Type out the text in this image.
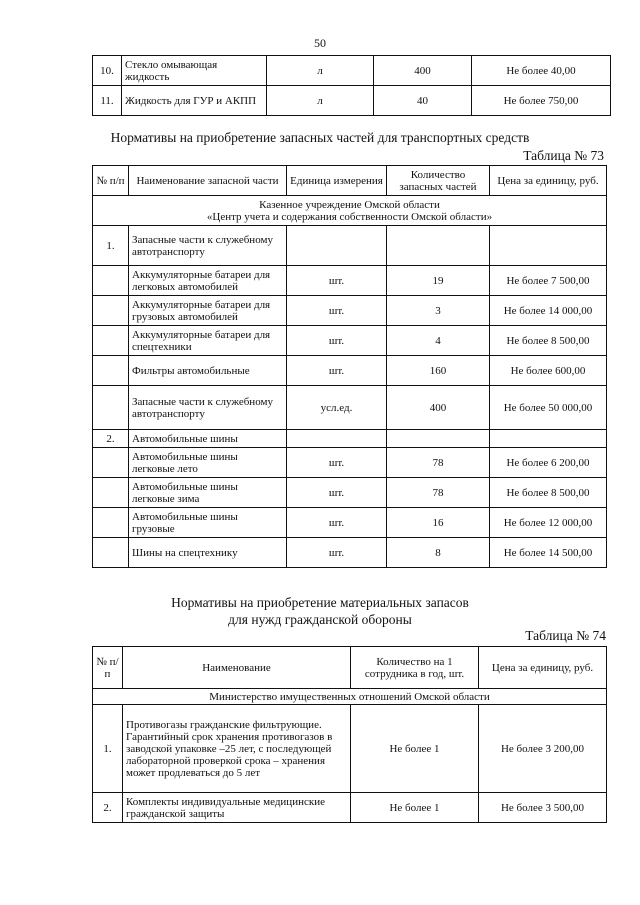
50
10.	Стекло омывающая жидкость	л	400	Не более 40,00
11.	Жидкость для ГУР и АКПП	л	40	Не более 750,00
Нормативы на приобретение запасных частей для транспортных средств
Таблица № 73
№ п/п	Наименование запасной части	Единица измерения	Количество запасных частей	Цена за единицу, руб.

Казенное учреждение Омской области
«Центр учета и содержания собственности Омской области»				

1.	Запасные части к служебному автотранспорту			
	Аккумуляторные батареи для легковых автомобилей	шт.	19	Не более 7 500,00
	Аккумуляторные батареи для грузовых автомобилей	шт.	3	Не более 14 000,00
	Аккумуляторные батареи для спецтехники	шт.	4	Не более 8 500,00
	Фильтры автомобильные	шт.	160	Не более 600,00
	Запасные части к служебному автотранспорту	усл.ед.	400	Не более 50 000,00
2.	Автомобильные шины			
	Автомобильные шины легковые лето	шт.	78	Не более 6 200,00
	Автомобильные шины легковые зима	шт.	78	Не более 8 500,00
	Автомобильные шины грузовые	шт.	16	Не более 12 000,00
	Шины на спецтехнику	шт.	8	Не более 14 500,00
Нормативы на приобретение материальных запасов
для нужд гражданской обороны
Таблица № 74
№ п/п	Наименование	Количество на 1 сотрудника в год, шт.	Цена за единицу, руб.
Министерство имущественных отношений Омской области			
1.	Противогазы гражданские фильтрующие. Гарантийный срок хранения противогазов в заводской упаковке –25 лет, с последующей лабораторной проверкой срока – хранения может продлеваться до 5 лет	Не более 1	Не более 3 200,00
2.	Комплекты индивидуальные медицинские гражданской защиты	Не более 1	Не более 3 500,00
